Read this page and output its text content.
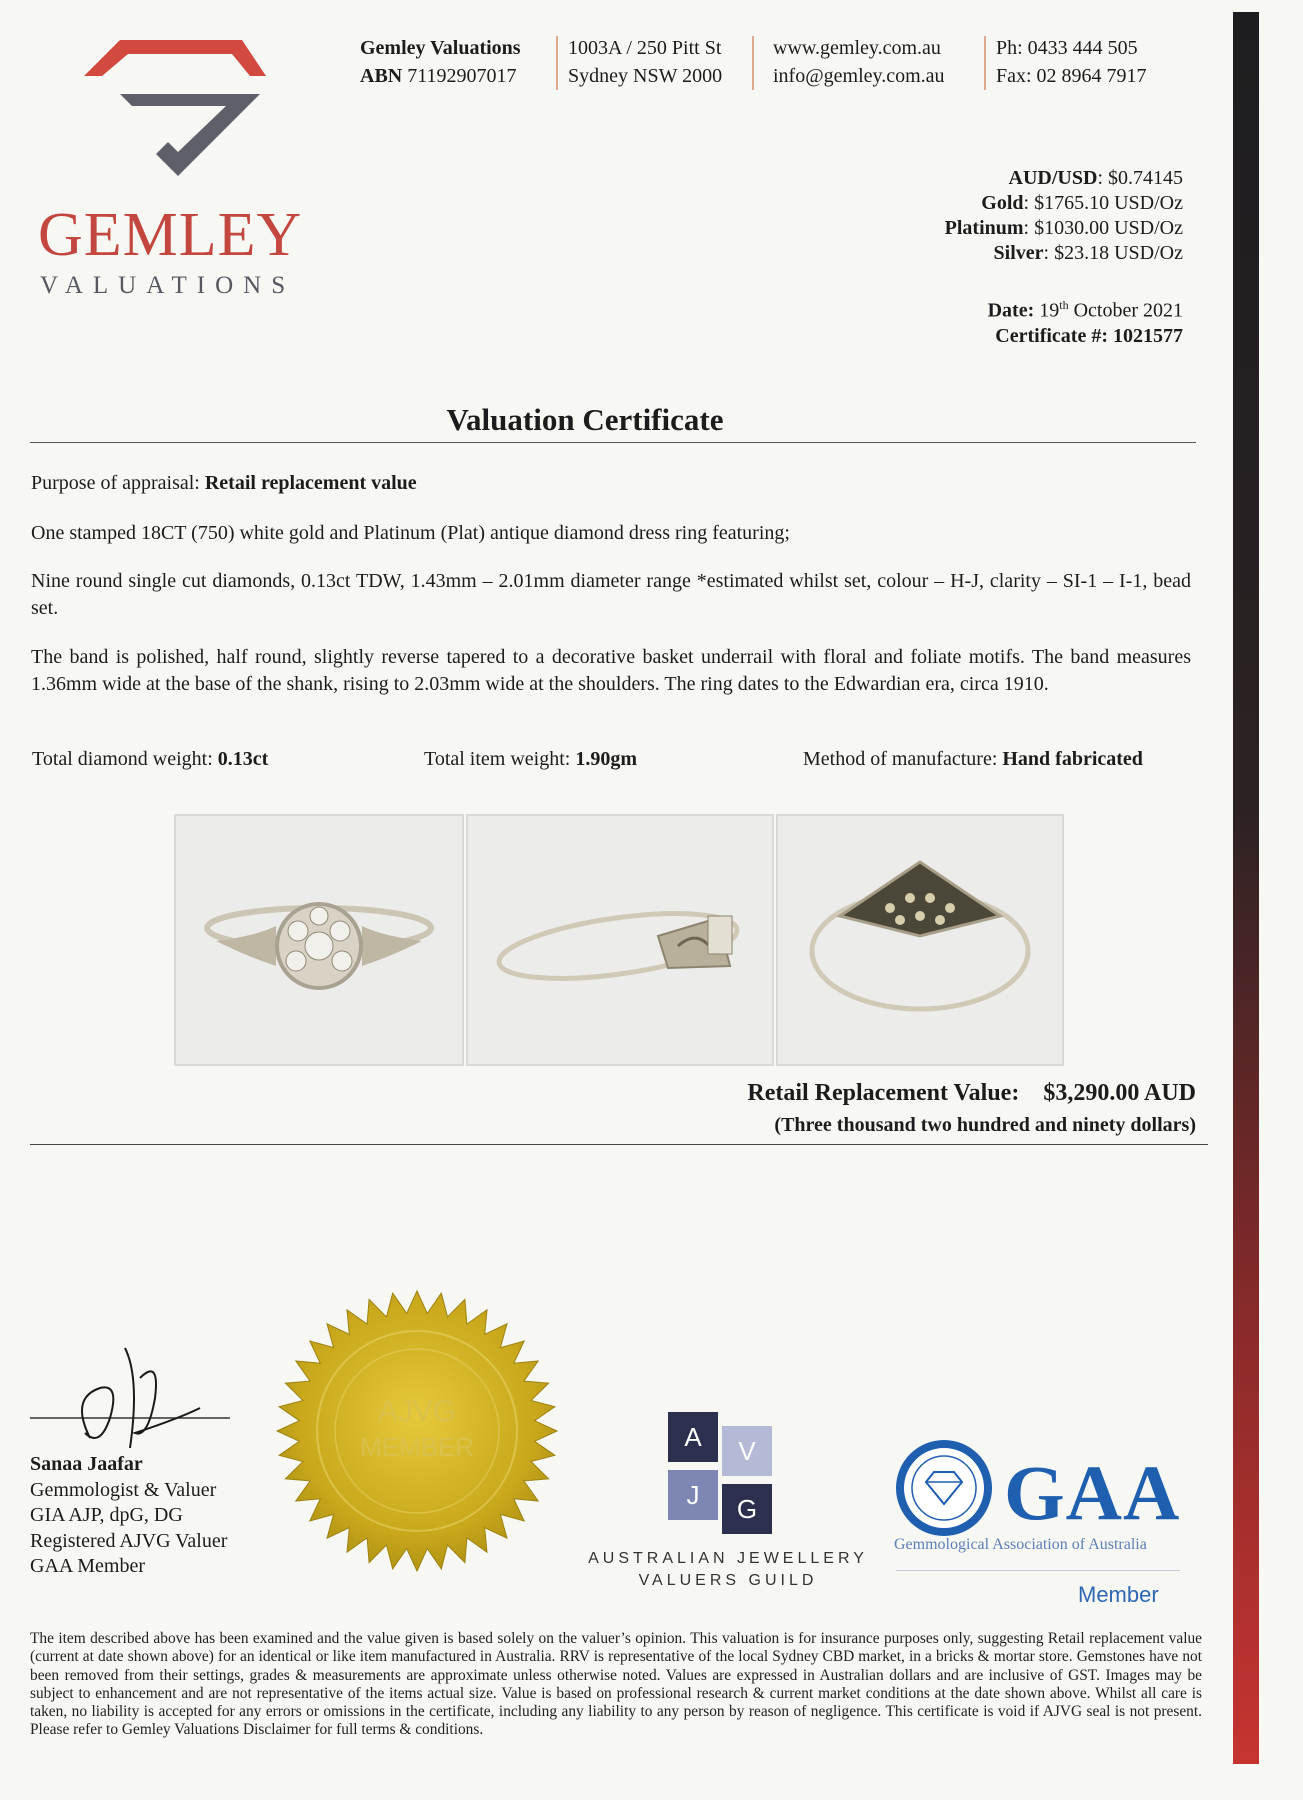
GEMLEY
VALUATIONS
Gemley Valuations
ABN 71192907017
1003A / 250 Pitt St
Sydney NSW 2000
www.gemley.com.au
info@gemley.com.au
Ph: 0433 444 505
Fax: 02 8964 7917
AUD/USD: $0.74145
Gold: $1765.10 USD/Oz
Platinum: $1030.00 USD/Oz
Silver: $23.18 USD/Oz
Date: 19th October 2021
Certificate #: 1021577
Valuation Certificate
Purpose of appraisal: Retail replacement value
One stamped 18CT (750) white gold and Platinum (Plat) antique diamond dress ring featuring;
Nine round single cut diamonds, 0.13ct TDW, 1.43mm – 2.01mm diameter range *estimated whilst set, colour – H-J, clarity – SI-1 – I-1, bead set.
The band is polished, half round, slightly reverse tapered to a decorative basket underrail with floral and foliate motifs. The band measures 1.36mm wide at the base of the shank, rising to 2.03mm wide at the shoulders. The ring dates to the Edwardian era, circa 1910.
Total diamond weight: 0.13ct	Total item weight: 1.90gm	Method of manufacture: Hand fabricated
Retail Replacement Value: $3,290.00 AUD
(Three thousand two hundred and ninety dollars)
Sanaa Jaafar
Gemmologist & Valuer
GIA AJP, dpG, DG
Registered AJVG Valuer
GAA Member
AJVG
MEMBER	A	V
J	G
AUSTRALIAN JEWELLERY
VALUERS GUILD
GAA
Gemmological Association of Australia
Member
The item described above has been examined and the value given is based solely on the valuer’s opinion. This valuation is for insurance purposes only, suggesting Retail replacement value (current at date shown above) for an identical or like item manufactured in Australia. RRV is representative of the local Sydney CBD market, in a bricks & mortar store. Gemstones have not been removed from their settings, grades & measurements are approximate unless otherwise noted. Values are expressed in Australian dollars and are inclusive of GST. Images may be subject to enhancement and are not representative of the items actual size. Value is based on professional research & current market conditions at the date shown above. Whilst all care is taken, no liability is accepted for any errors or omissions in the certificate, including any liability to any person by reason of negligence. This certificate is void if AJVG seal is not present. Please refer to Gemley Valuations Disclaimer for full terms & conditions.
